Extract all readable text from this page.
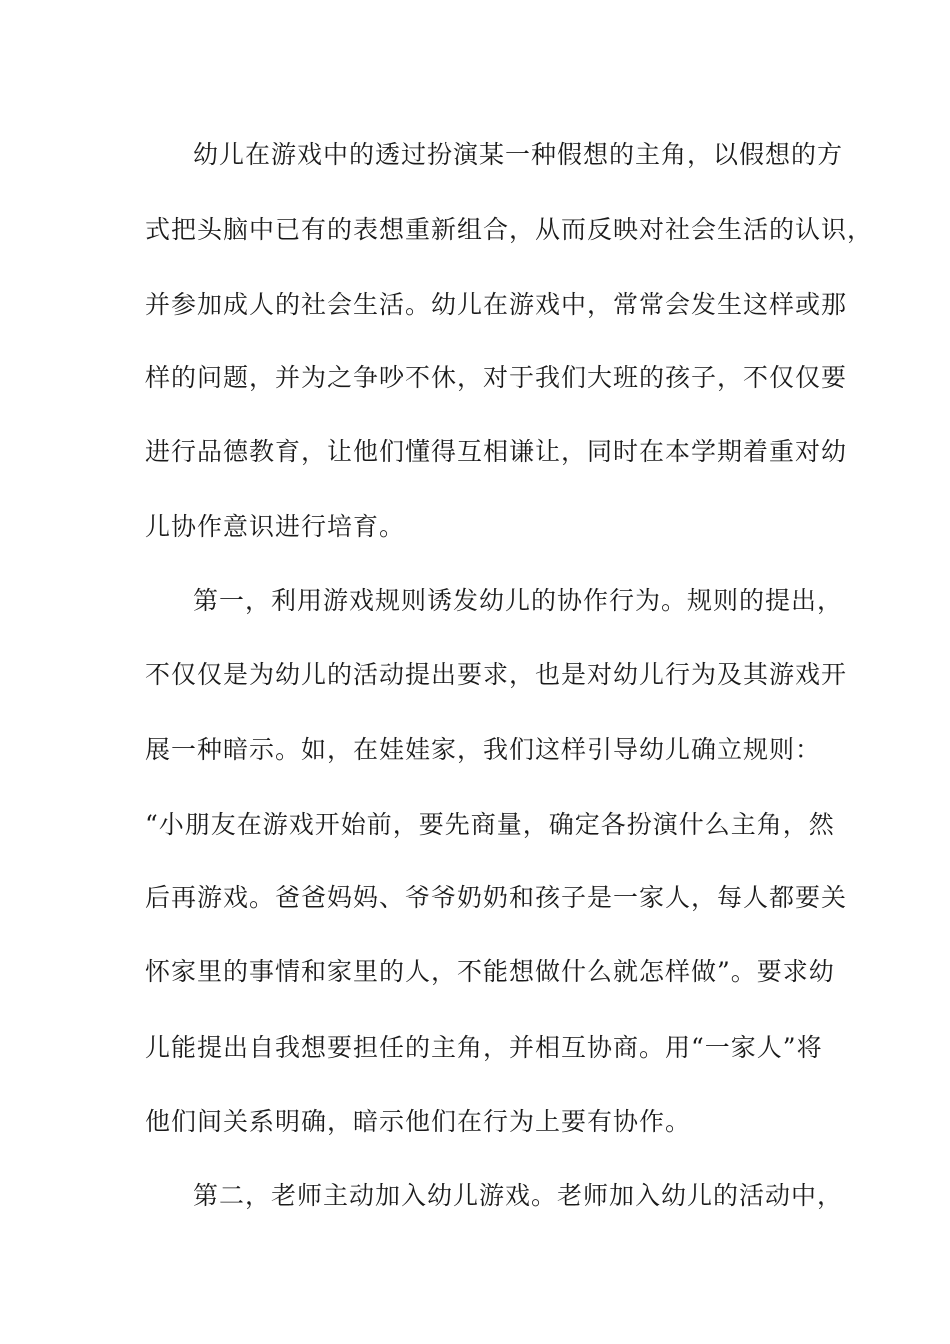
幼儿在游戏中的透过扮演某一种假想的主角，以假想的方
式把头脑中已有的表想重新组合，从而反映对社会生活的认识，
并参加成人的社会生活。幼儿在游戏中，常常会发生这样或那
样的问题，并为之争吵不休，对于我们大班的孩子，不仅仅要
进行品德教育，让他们懂得互相谦让，同时在本学期着重对幼
儿协作意识进行培育。
第一，利用游戏规则诱发幼儿的协作行为。规则的提出，
不仅仅是为幼儿的活动提出要求，也是对幼儿行为及其游戏开
展一种暗示。如，在娃娃家，我们这样引导幼儿确立规则：
“小朋友在游戏开始前，要先商量，确定各扮演什么主角，然
后再游戏。爸爸妈妈、爷爷奶奶和孩子是一家人，每人都要关
怀家里的事情和家里的人，不能想做什么就怎样做”。要求幼
儿能提出自我想要担任的主角，并相互协商。用“一家人”将
他们间关系明确，暗示他们在行为上要有协作。
第二，老师主动加入幼儿游戏。老师加入幼儿的活动中，
